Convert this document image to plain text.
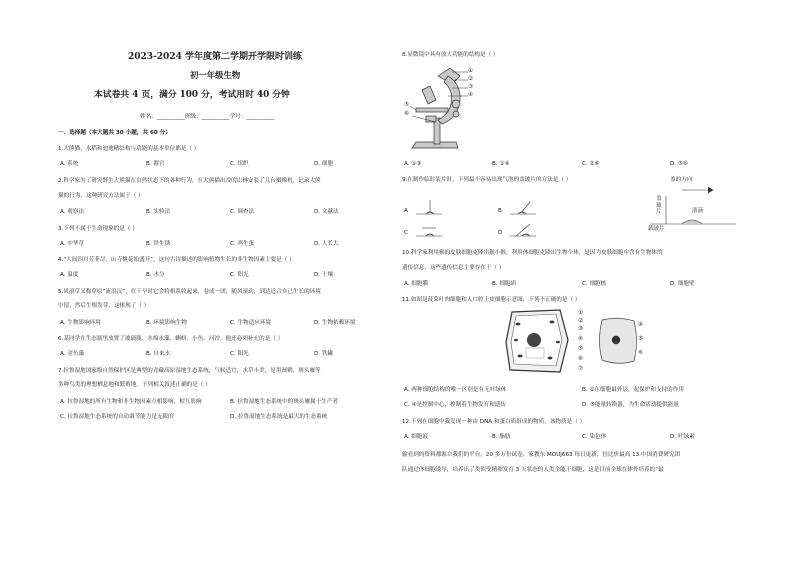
2023-2024 学年度第二学期开学限时训练
初一年级生物
本试卷共 4 页，满分 100 分，考试用时 40 分钟
姓名：__________班级：__________学号：__________
一、选择题（本大题共 30 小题，共 60 分）
1.大熊猫、水稻和迪迪精结构与功能的基本单位都是（ ）
A. 系统	B. 器官	C. 组织	D. 细胞
2.科学家为了研究野生大熊猫在自然状态下的各种行为，在大熊猫出没的山林安装了几台摄像机，记录大熊
猫的行为，这种研究方法属于（ ）
A. 观察法	B. 实验法	C. 调查法	D. 文献法
3.下列不属于生命现象的是（ ）
A. 中华草	B. 铁生锈	C. 鸡生蛋	D. 人长大
4.“人间四月芳菲尽，山寺桃花始盛开”，这句古诗描述的影响植物生长的非生物因素主要是（ ）
A. 温度	B. 水分	C. 阳光	D. 土壤
5.风滚草又称草原“流浪汉”，在干旱时它会将根系收起来，卷成一团，随风滚动，到达适合自己生长的环境
中留，然后生根发芽，这体现了（ ）
A. 生物影响环境	B. 环境影响生物	C. 生物适应环境	D. 生物依赖环境
6.某同学在生态瓶里放置了玻璃瓶、水绵水藻、蝌蚪、小鱼、河沙，他还必须补充的是（ ）
A. 金鱼藻	B. 自来水	C. 阳光	D. 铁罐
7.拉鲁湿地国家级自然保护区是典型的青藏高原湿地生态系统，气候适宜，水草丰美，是黑颈鹤、斑头雁等
多种鸟类的理想栖息地和繁殖地。下列相关叙述正确的是（ ）
A. 拉鲁湿地的所有生物和非生物因素互相影响，相互影响	B. 拉鲁湿地生态系统中的斑头雁属于生产者
C. 拉鲁湿地生态系统的自动调节能力是无限的	D. 拉鲁湿地生态系统是最大的生态系统
8.显微镜中具有放大功能的结构是（ ）
①
②
③
④
⑤
⑥
A. ①③	B. ①④	C. ②⑥	D. ⑤⑥
9.在制作临时装片时，下列最不容易出现气泡的盖玻片的方法是（ ）	盖的方向
A	B
C	D
盖玻片	液滴
载玻片
10.科学家利用猴的皮肤细胞克隆出猴小猴，利用体细胞克隆出生物个体，是因为皮肤细胞中含有生物体的
遗传信息，这些遗传信息主要存在于（ ）
A. 细胞膜	B. 细胞质	C. 细胞核	D. 细胞壁
11.如图是菠菜叶肉细胞和人口腔上皮细胞示意图，下列不正确的是（ ）
①
②
③
④
⑤
⑥
⑦
④
⑤
⑥
A. 两种细胞结构的唯一区别是有无叶绿体	B. ①在细胞最外层，起保护和支持的作用
C. ④是控制中心，控制着生物发育和遗传	D. ⑤能量转换器，为生命活动提供能量
12.下列在细胞中我发现一种由 DNA 和蛋白质组成的物质，该物质是（ ）
A. 细胞液	B. 脂肪	C. 染色体	D. 叶绿素
偷看到的资料都源自我们的平台，20 多万份试卷，家教东 MOUJ663 每日更新，挂比价最高 13.中国消费研究团
队通过体细胞诱导，培养出了类似受精卵发育 3 天状态的人类全能干细胞，这是目前全球在体外培养的“最
